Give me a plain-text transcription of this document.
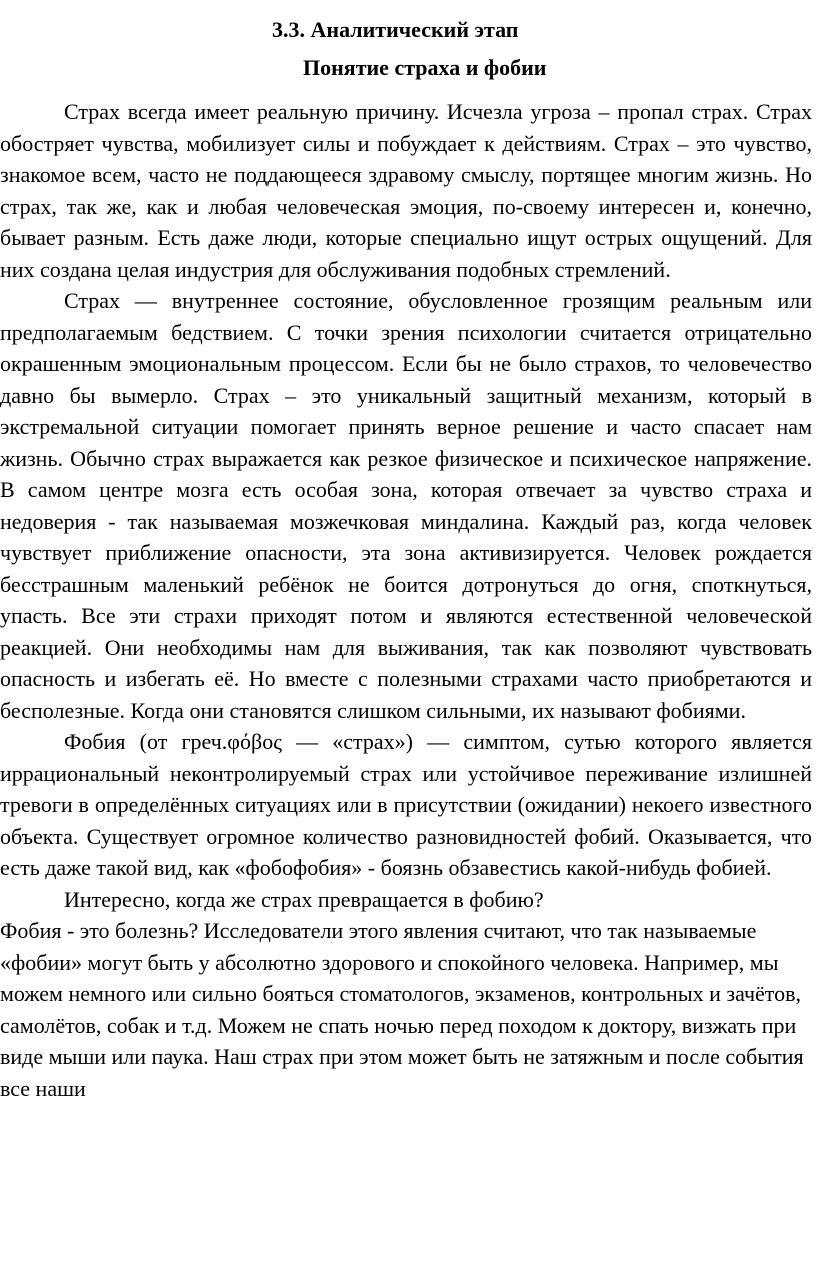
3.3. Аналитический этап
Понятие страха и фобии

Страх всегда имеет реальную причину. Исчезла угроза – пропал страх. Страх обостряет чувства, мобилизует силы и побуждает к действиям. Страх – это чувство, знакомое всем, часто не поддающееся здравому смыслу, портящее многим жизнь. Но страх, так же, как и любая человеческая эмоция, по-своему интересен и, конечно, бывает разным. Есть даже люди, которые специально ищут острых ощущений. Для них создана целая индустрия для обслуживания подобных стремлений.

Страх — внутреннее состояние, обусловленное грозящим реальным или предполагаемым бедствием. С точки зрения психологии считается отрицательно окрашенным эмоциональным процессом. Если бы не было страхов, то человечество давно бы вымерло. Страх – это уникальный защитный механизм, который в экстремальной ситуации помогает принять верное решение и часто спасает нам жизнь. Обычно страх выражается как резкое физическое и психическое напряжение. В самом центре мозга есть особая зона, которая отвечает за чувство страха и недоверия - так называемая мозжечковая миндалина. Каждый раз, когда человек чувствует приближение опасности, эта зона активизируется. Человек рождается бесстрашным маленький ребёнок не боится дотронуться до огня, споткнуться, упасть. Все эти страхи приходят потом и являются естественной человеческой реакцией. Они необходимы нам для выживания, так как позволяют чувствовать опасность и избегать её. Но вместе с полезными страхами часто приобретаются и бесполезные. Когда они становятся слишком сильными, их называют фобиями.

Фобия (от греч.φόβος — «страх») — симптом, сутью которого является иррациональный неконтролируемый страх или устойчивое переживание излишней тревоги в определённых ситуациях или в присутствии (ожидании) некоего известного объекта. Существует огромное количество разновидностей фобий. Оказывается, что есть даже такой вид, как «фобофобия» - боязнь обзавестись какой-нибудь фобией.

Интересно, когда же страх превращается в фобию?

Фобия - это болезнь? Исследователи этого явления считают, что так называемые «фобии» могут быть у абсолютно здорового и спокойного человека. Например, мы можем немного или сильно бояться стоматологов, экзаменов, контрольных и зачётов, самолётов, собак и т.д. Можем не спать ночью перед походом к доктору, визжать при виде мыши или паука. Наш страх при этом может быть не затяжным и после события все наши
